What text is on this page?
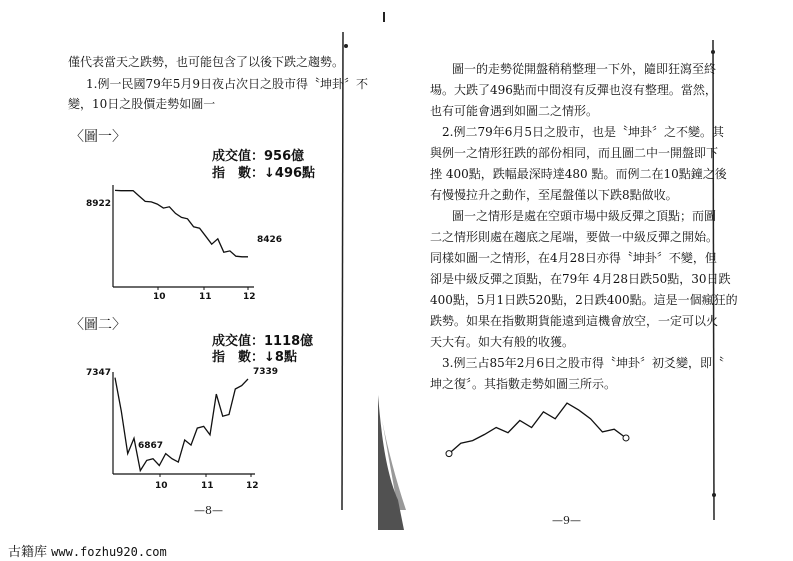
僅代表當天之跌勢，也可能包含了以後下跌之趨勢。
1.例一民國79年5月9日夜占次日之股市得〝坤卦〞不
變，10日之股價走勢如圖一
〈圖一〉
成交值：956億
指　數：↓496點
8922
8426
10	11	12
〈圖二〉
成交值：1118億
指　數：↓8點
7347
6867
7339
10	11	12
—8—
圖一的走勢從開盤稍稍整理一下外，隨即狂瀉至終
場。大跌了496點而中間沒有反彈也沒有整理。當然，
也有可能會遇到如圖二之情形。
2.例二79年6月5日之股市，也是〝坤卦〞之不變。其
與例一之情形狂跌的部份相同，而且圖二中一開盤即下
挫 400點，跌幅最深時達480 點。而例二在10點鐘之後
有慢慢拉升之動作，至尾盤僅以下跌8點做收。
圖一之情形是處在空頭市場中級反彈之頂點；而圖
二之情形則處在趨底之尾端，要做一中級反彈之開始。
同樣如圖一之情形，在4月28日亦得〝坤卦〞不變，但
卻是中級反彈之頂點，在79年 4月28日跌50點，30日跌
400點，5月1日跌520點，2日跌400點。這是一個瘋狂的
跌勢。如果在指數期貨能遠到這機會放空，一定可以火
天大有。如大有般的收獲。
3.例三占85年2月6日之股市得〝坤卦〞初爻變，即〝
坤之復〞。其指數走勢如圖三所示。
—9—
古籍库 www.fozhu920.com
